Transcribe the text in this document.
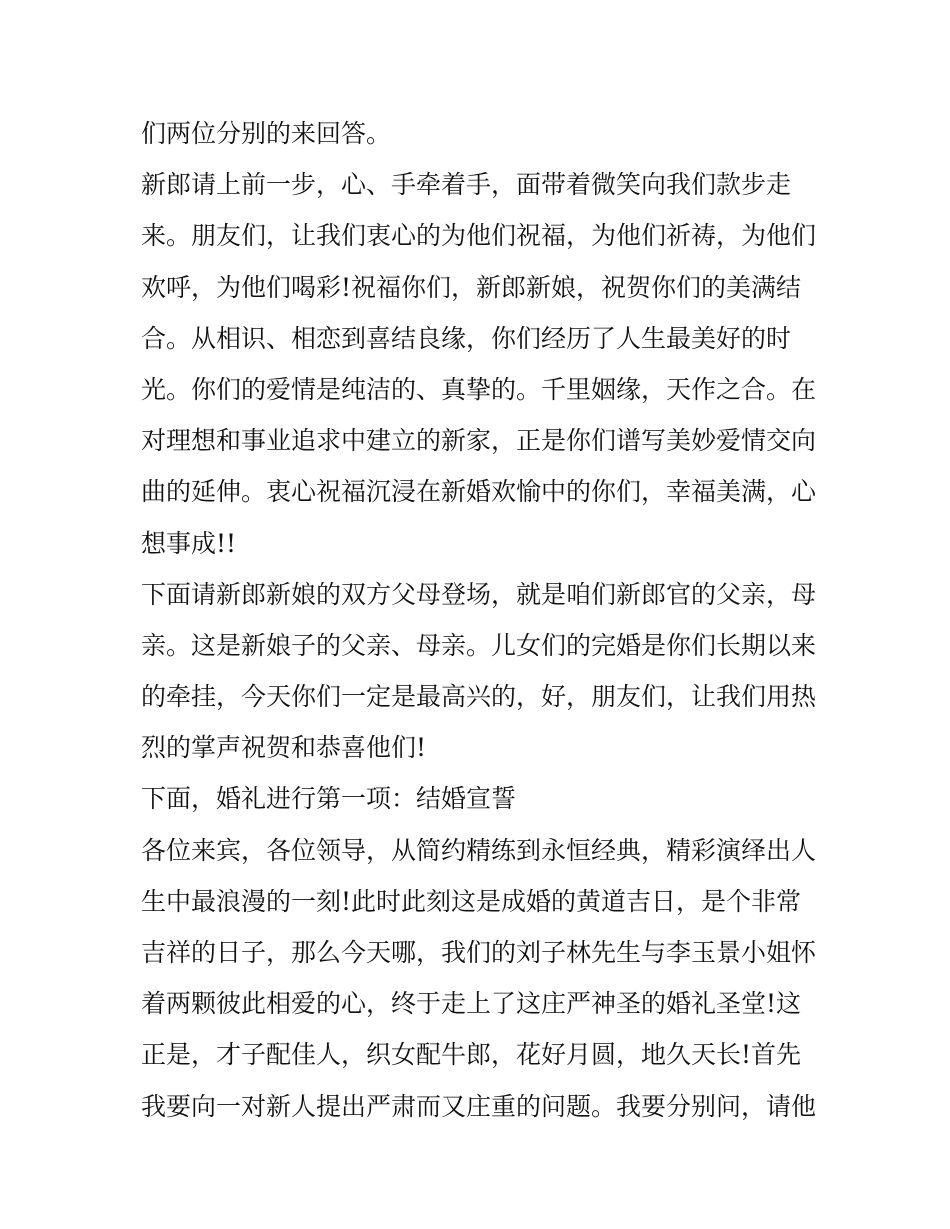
们两位分别的来回答。
新郎请上前一步，心、手牵着手，面带着微笑向我们款步走
来。朋友们，让我们衷心的为他们祝福，为他们祈祷，为他们
欢呼，为他们喝彩!祝福你们，新郎新娘，祝贺你们的美满结
合。从相识、相恋到喜结良缘，你们经历了人生最美好的时
光。你们的爱情是纯洁的、真挚的。千里姻缘，天作之合。在
对理想和事业追求中建立的新家，正是你们谱写美妙爱情交向
曲的延伸。衷心祝福沉浸在新婚欢愉中的你们，幸福美满，心
想事成!!
下面请新郎新娘的双方父母登场，就是咱们新郎官的父亲，母
亲。这是新娘子的父亲、母亲。儿女们的完婚是你们长期以来
的牵挂，今天你们一定是最高兴的，好，朋友们，让我们用热
烈的掌声祝贺和恭喜他们!
下面，婚礼进行第一项：结婚宣誓
各位来宾，各位领导，从简约精练到永恒经典，精彩演绎出人
生中最浪漫的一刻!此时此刻这是成婚的黄道吉日，是个非常
吉祥的日子，那么今天哪，我们的刘子林先生与李玉景小姐怀
着两颗彼此相爱的心，终于走上了这庄严神圣的婚礼圣堂!这
正是，才子配佳人，织女配牛郎，花好月圆，地久天长!首先
我要向一对新人提出严肃而又庄重的问题。我要分别问，请他
